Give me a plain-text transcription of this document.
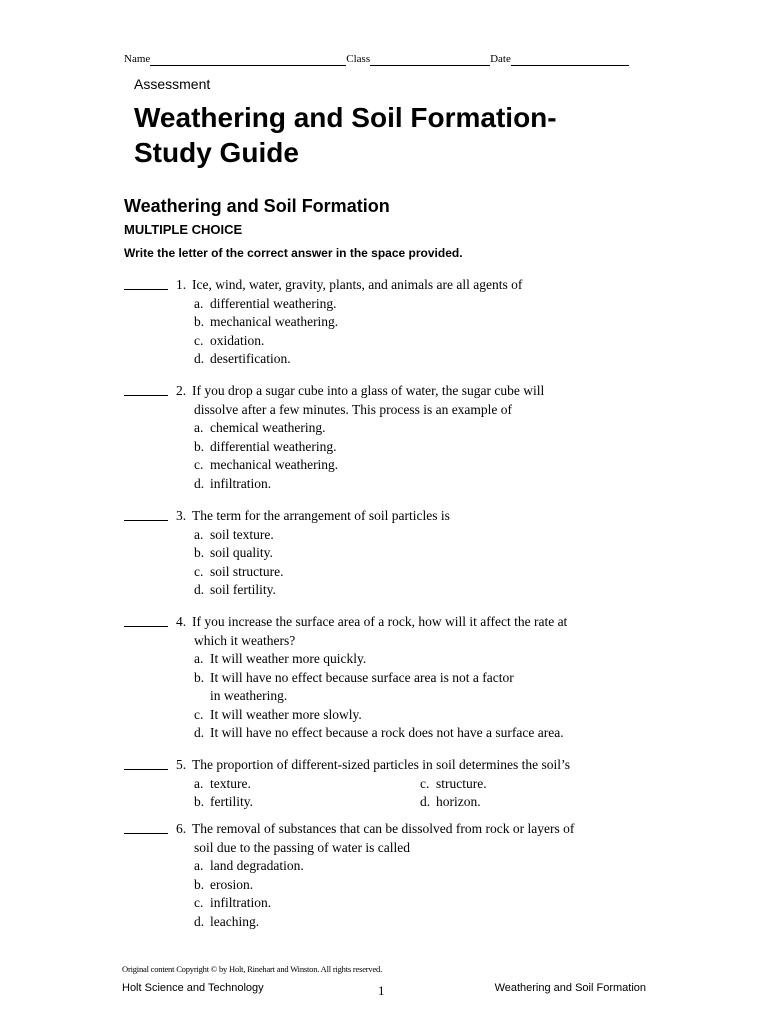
Name	Class	Date
Assessment
Weathering and Soil Formation-
Study Guide
Weathering and Soil Formation
MULTIPLE CHOICE
Write the letter of the correct answer in the space provided.
1. Ice, wind, water, gravity, plants, and animals are all agents of
a. differential weathering.
b. mechanical weathering.
c. oxidation.
d. desertification.
2. If you drop a sugar cube into a glass of water, the sugar cube will
dissolve after a few minutes. This process is an example of
a. chemical weathering.
b. differential weathering.
c. mechanical weathering.
d. infiltration.
3. The term for the arrangement of soil particles is
a. soil texture.
b. soil quality.
c. soil structure.
d. soil fertility.
4. If you increase the surface area of a rock, how will it affect the rate at
which it weathers?
a. It will weather more quickly.
b. It will have no effect because surface area is not a factor
in weathering.
c. It will weather more slowly.
d. It will have no effect because a rock does not have a surface area.
5. The proportion of different-sized particles in soil determines the soil’s
a. texture.	c. structure.
b. fertility.	d. horizon.
6. The removal of substances that can be dissolved from rock or layers of
soil due to the passing of water is called
a. land degradation.
b. erosion.
c. infiltration.
d. leaching.
Original content Copyright © by Holt, Rinehart and Winston. All rights reserved.
Holt Science and Technology	1	Weathering and Soil Formation
